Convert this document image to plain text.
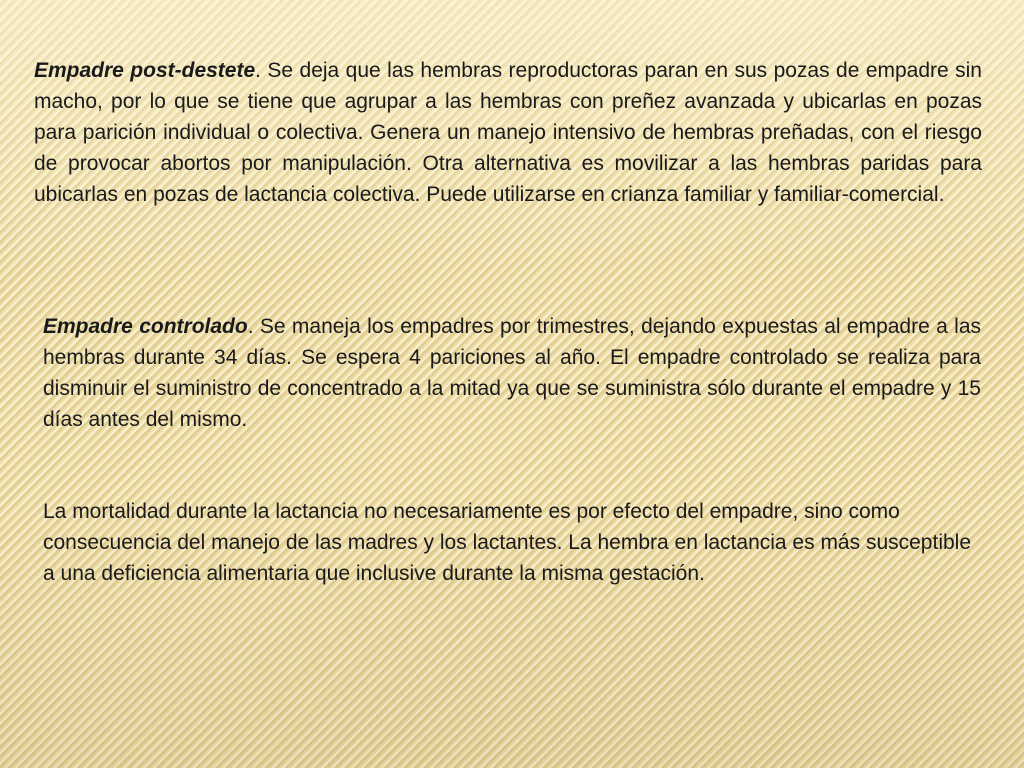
Empadre post-destete. Se deja que las hembras reproductoras paran en sus pozas de empadre sin macho, por lo que se tiene que agrupar a las hembras con preñez avanzada y ubicarlas en pozas para parición individual o colectiva. Genera un manejo intensivo de hembras preñadas, con el riesgo de provocar abortos por manipulación. Otra alternativa es movilizar a las hembras paridas para ubicarlas en pozas de lactancia colectiva. Puede utilizarse en crianza familiar y familiar-comercial.

Empadre controlado. Se maneja los empadres por trimestres, dejando expuestas al empadre a las hembras durante 34 días. Se espera 4 pariciones al año. El empadre controlado se realiza para disminuir el suministro de concentrado a la mitad ya que se suministra sólo durante el empadre y 15 días antes del mismo.

La mortalidad durante la lactancia no necesariamente es por efecto del empadre, sino como consecuencia del manejo de las madres y los lactantes. La hembra en lactancia es más susceptible a una deficiencia alimentaria que inclusive durante la misma gestación.
